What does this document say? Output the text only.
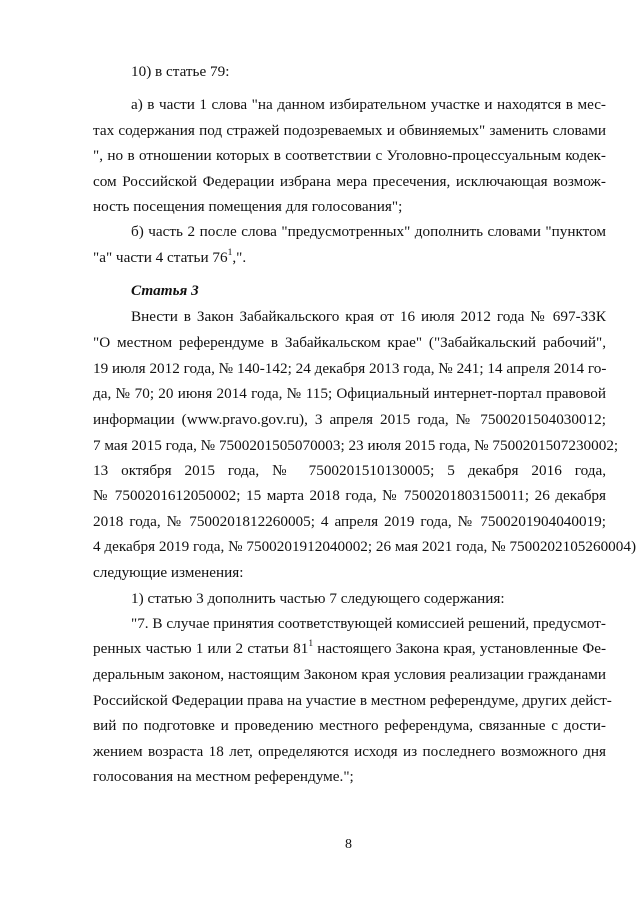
10) в статье 79:
а) в части 1 слова "на данном избирательном участке и находятся в мес-
тах содержания под стражей подозреваемых и обвиняемых" заменить словами
", но в отношении которых в соответствии с Уголовно-процессуальным кодек-
сом Российской Федерации избрана мера пресечения, исключающая возмож-
ность посещения помещения для голосования";
б) часть 2 после слова "предусмотренных" дополнить словами "пунктом
"а" части 4 статьи $76^1$,".
Статья 3
Внести в Закон Забайкальского края от 16 июля 2012 года № 697-ЗЗК
"О местном референдуме в Забайкальском крае" ("Забайкальский рабочий",
19 июля 2012 года, № 140-142; 24 декабря 2013 года, № 241; 14 апреля 2014 го-
да, № 70; 20 июня 2014 года, № 115; Официальный интернет-портал правовой
информации (www.pravo.gov.ru), 3 апреля 2015 года, № 7500201504030012;
7 мая 2015 года, № 7500201505070003; 23 июля 2015 года, № 7500201507230002;
13 октября 2015 года, № 7500201510130005; 5 декабря 2016 года,
№ 7500201612050002; 15 марта 2018 года, № 7500201803150011; 26 декабря
2018 года, № 7500201812260005; 4 апреля 2019 года, № 7500201904040019;
4 декабря 2019 года, № 7500201912040002; 26 мая 2021 года, № 7500202105260004)
следующие изменения:
1) статью 3 дополнить частью 7 следующего содержания:
"7. В случае принятия соответствующей комиссией решений, предусмот-
ренных частью 1 или 2 статьи $81^1$ настоящего Закона края, установленные Фе-
деральным законом, настоящим Законом края условия реализации гражданами
Российской Федерации права на участие в местном референдуме, других дейст-
вий по подготовке и проведению местного референдума, связанные с дости-
жением возраста 18 лет, определяются исходя из последнего возможного дня
голосования на местном референдуме.";
8
